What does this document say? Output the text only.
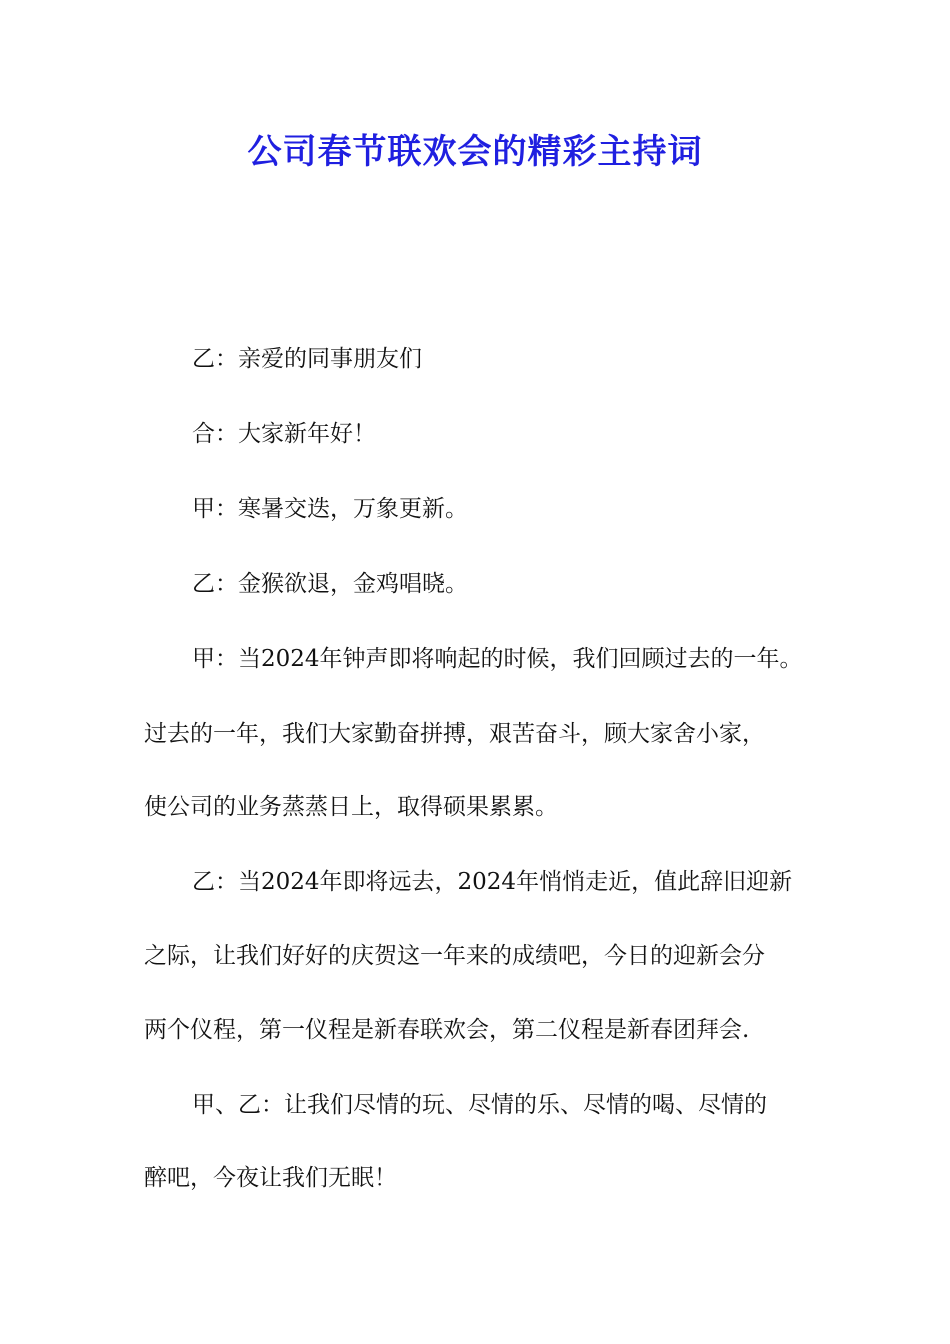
公司春节联欢会的精彩主持词
乙：亲爱的同事朋友们
合：大家新年好！
甲：寒暑交迭，万象更新。
乙：金猴欲退，金鸡唱晓。
甲：当2024年钟声即将响起的时候，我们回顾过去的一年。
过去的一年，我们大家勤奋拼搏，艰苦奋斗，顾大家舍小家，
使公司的业务蒸蒸日上，取得硕果累累。
乙：当2024年即将远去，2024年悄悄走近，值此辞旧迎新
之际，让我们好好的庆贺这一年来的成绩吧，今日的迎新会分
两个仪程，第一仪程是新春联欢会，第二仪程是新春团拜会.
甲、乙：让我们尽情的玩、尽情的乐、尽情的喝、尽情的
醉吧，今夜让我们无眠！
